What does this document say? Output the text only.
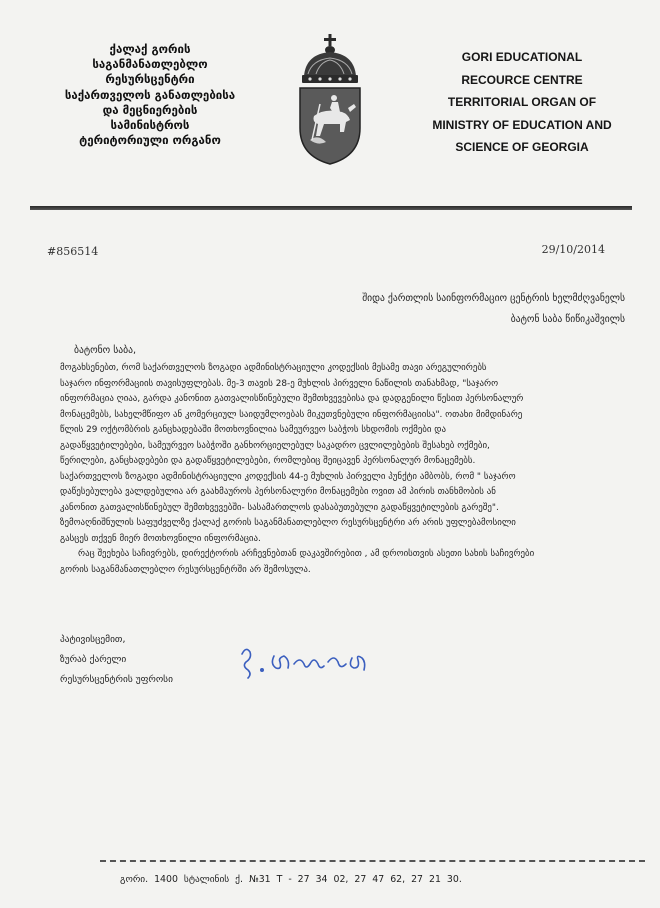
ქალაქ გორის
საგანმანათლებლო
რესურსცენტრი
საქართველოს განათლებისა
და მეცნიერების
სამინისტროს
ტერიტორიული ორგანო
GORI EDUCATIONAL
RECOURCE CENTRE
TERRITORIAL ORGAN OF
MINISTRY OF EDUCATION AND
SCIENCE OF GEORGIA
#856514	29/10/2014
შიდა ქართლის საინფორმაციო ცენტრის ხელმძღვანელს
ბატონ საბა წიწიკაშვილს
ბატონო საბა,
მოგახსენებთ, რომ საქართველოს ზოგადი ადმინისტრაციული კოდექსის მესამე თავი არეგულირებს
საჯარო ინფორმაციის თავისუფლებას. მე-3 თავის 28-ე მუხლის პირველი ნაწილის თანახმად, "საჯარო
ინფორმაცია ღიაა, გარდა კანონით გათვალისწინებული შემთხვევებისა და დადგენილი წესით პერსონალურ
მონაცემებს, სახელმწიფო ან კომერციულ საიდუმლოებას მიკუთვნებული ინფორმაციისა". ოთახი მიმდინარე
წლის 29 ოქტომბრის განცხადებაში მოთხოვნილია სამეურვეო საბჭოს სხდომის ოქმები და
გადაწყვეტილებები, სამეურვეო საბჭოში განხორციელებულ საკადრო ცვლილებების შესახებ ოქმები,
წერილები, განცხადებები და გადაწყვეტილებები, რომლებიც შეიცავენ პერსონალურ მონაცემებს.
საქართველოს ზოგადი ადმინისტრაციული კოდექსის 44-ე მუხლის პირველი პუნქტი ამბობს, რომ " საჯარო
დაწესებულება ვალდებულია არ გაახმაუროს პერსონალური მონაცემები ოვით ამ პირის თანხმობის ან
კანონით გათვალისწინებულ შემთხვევებში- სასამართლოს დასაბუთებული გადაწყვეტილების გარეშე".
ზემოაღნიშნულის საფუძველზე ქალაქ გორის საგანმანათლებლო რესურსცენტრი არ არის უფლებამოსილი
გასცეს თქვენ მიერ მოთხოვნილი ინფორმაცია.
რაც შეეხება საჩივრებს, დირექტორის არჩევნებთან დაკავშირებით , ამ დროისთვის ასეთი სახის საჩივრები
გორის საგანმანათლებლო რესურსცენტრში არ შემოსულა.
პატივისცემით,
ზურაბ ქარელი
რესურსცენტრის უფროსი
გორი. 1400 სტალინის ქ. №31 T - 27 34 02, 27 47 62, 27 21 30.
